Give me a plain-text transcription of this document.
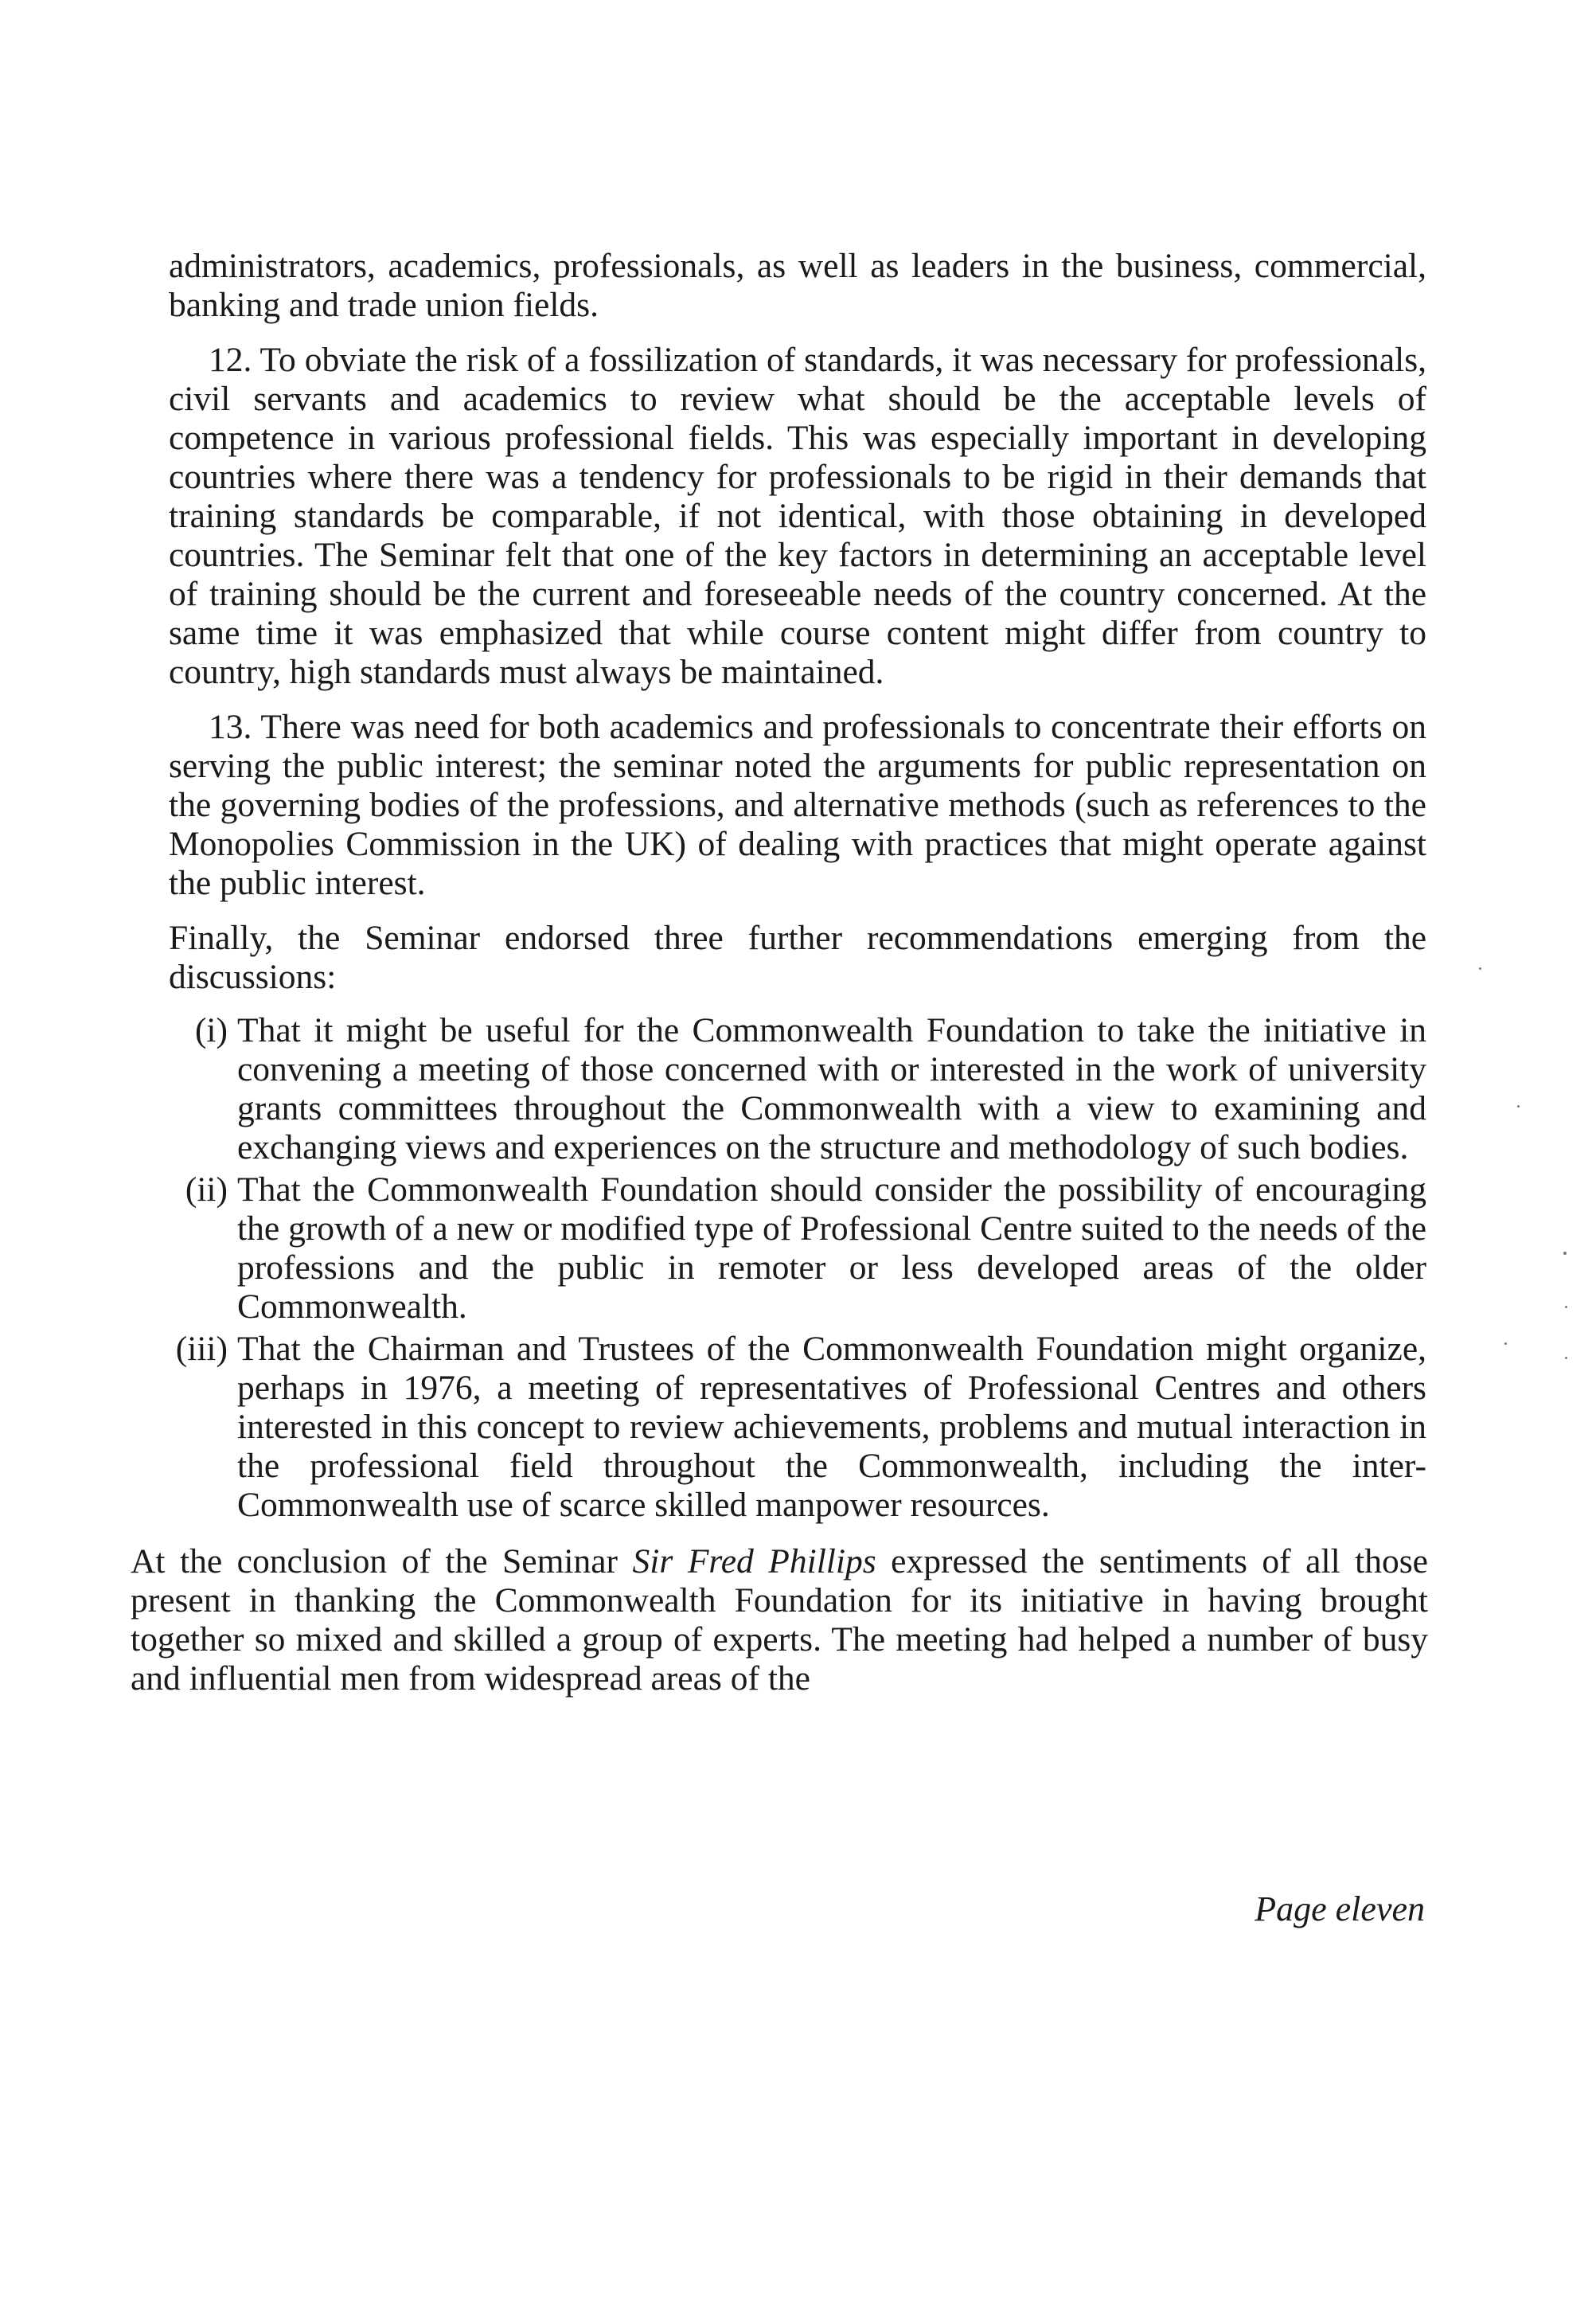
administrators, academics, professionals, as well as leaders in the business, commercial, banking and trade union fields.

12. To obviate the risk of a fossilization of standards, it was necessary for professionals, civil servants and academics to review what should be the acceptable levels of competence in various professional fields. This was especially important in developing countries where there was a tendency for professionals to be rigid in their demands that training standards be comparable, if not identical, with those obtaining in developed countries. The Seminar felt that one of the key factors in determining an acceptable level of training should be the current and foreseeable needs of the country concerned. At the same time it was emphasized that while course content might differ from country to country, high standards must always be maintained.

13. There was need for both academics and professionals to concentrate their efforts on serving the public interest; the seminar noted the arguments for public representation on the governing bodies of the professions, and alternative methods (such as references to the Monopolies Commission in the UK) of dealing with practices that might operate against the public interest.

Finally, the Seminar endorsed three further recommendations emerging from the discussions:

(i) That it might be useful for the Commonwealth Foundation to take the initiative in convening a meeting of those concerned with or interested in the work of university grants committees throughout the Commonwealth with a view to examining and exchanging views and experiences on the structure and methodology of such bodies.
(ii) That the Commonwealth Foundation should consider the possibility of encouraging the growth of a new or modified type of Professional Centre suited to the needs of the professions and the public in remoter or less developed areas of the older Commonwealth.
(iii) That the Chairman and Trustees of the Commonwealth Foundation might organize, perhaps in 1976, a meeting of representatives of Professional Centres and others interested in this concept to review achievements, problems and mutual interaction in the professional field throughout the Commonwealth, including the inter-Commonwealth use of scarce skilled manpower resources.

At the conclusion of the Seminar Sir Fred Phillips expressed the sentiments of all those present in thanking the Commonwealth Foundation for its initiative in having brought together so mixed and skilled a group of experts. The meeting had helped a number of busy and influential men from widespread areas of the

Page eleven
